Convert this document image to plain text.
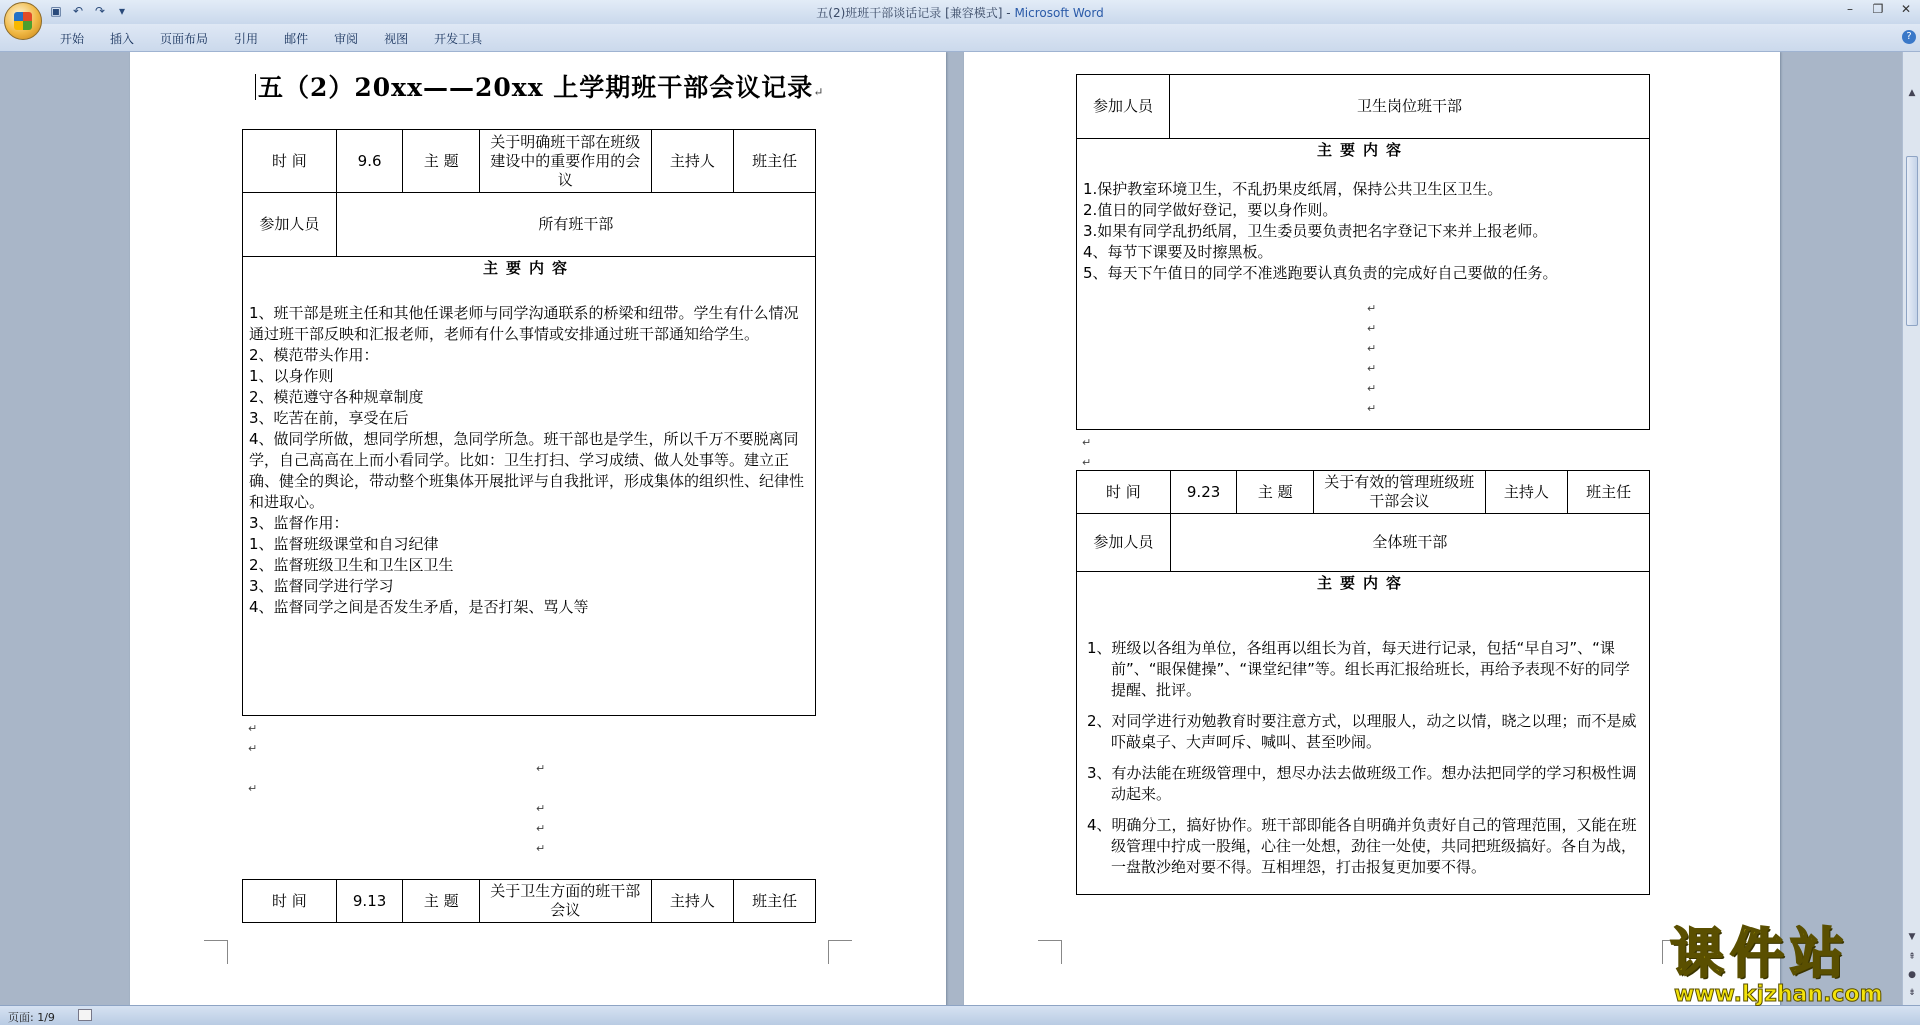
▣ ↶ ↷	▾	五(2)班班干部谈话记录 [兼容模式] - Microsoft Word	–	❐	✕
开始 插入 页面布局 引用 邮件 审阅 视图 开发工具	?
五（2）20xx——20xx 上学期班干部会议记录↵
时 间	9.6	主 题	关于明确班干部在班级建设中的重要作用的会议	主持人	班主任
参加人员	所有班干部				
主要内容
1、班干部是班主任和其他任课老师与同学沟通联系的桥梁和纽带。学生有什么情况通过班干部反映和汇报老师，老师有什么事情或安排通过班干部通知给学生。
2、模范带头作用：
1、以身作则
2、模范遵守各种规章制度
3、吃苦在前，享受在后
4、做同学所做，想同学所想，急同学所急。班干部也是学生，所以千万不要脱离同学，自己高高在上而小看同学。比如：卫生打扫、学习成绩、做人处事等。建立正确、健全的舆论，带动整个班集体开展批评与自我批评，形成集体的组织性、纪律性和进取心。
3、监督作用：
1、监督班级课堂和自习纪律
2、监督班级卫生和卫生区卫生
3、监督同学进行学习
4、监督同学之间是否发生矛盾，是否打架、骂人等
↵
↵
↵
↵
↵
↵
↵
时 间	9.13	主 题	关于卫生方面的班干部会议	主持人	班主任
参加人员	卫生岗位班干部
主要内容
1.保护教室环境卫生，不乱扔果皮纸屑，保持公共卫生区卫生。
2.值日的同学做好登记，要以身作则。
3.如果有同学乱扔纸屑，卫生委员要负责把名字登记下来并上报老师。
4、每节下课要及时擦黑板。
5、每天下午值日的同学不准逃跑要认真负责的完成好自己要做的任务。
↵
↵
↵
↵
↵
↵
↵
↵
时 间	9.23	主 题	关于有效的管理班级班干部会议	主持人	班主任
参加人员	全体班干部				
主要内容
1、班级以各组为单位，各组再以组长为首，每天进行记录，包括“早自习”、“课前”、“眼保健操”、“课堂纪律”等。组长再汇报给班长，再给予表现不好的同学提醒、批评。
2、对同学进行劝勉教育时要注意方式，以理服人，动之以情，晓之以理；而不是威吓敲桌子、大声呵斥、喊叫、甚至吵闹。
3、有办法能在班级管理中，想尽办法去做班级工作。想办法把同学的学习积极性调动起来。
4、明确分工，搞好协作。班干部即能各自明确并负责好自己的管理范围，又能在班级管理中拧成一股绳，心往一处想，劲往一处使，共同把班级搞好。各自为战，一盘散沙绝对要不得。互相埋怨，打击报复更加要不得。
▲
▼
⇞
●
⇟
页面: 1/9
课件站
www.kjzhan.com
